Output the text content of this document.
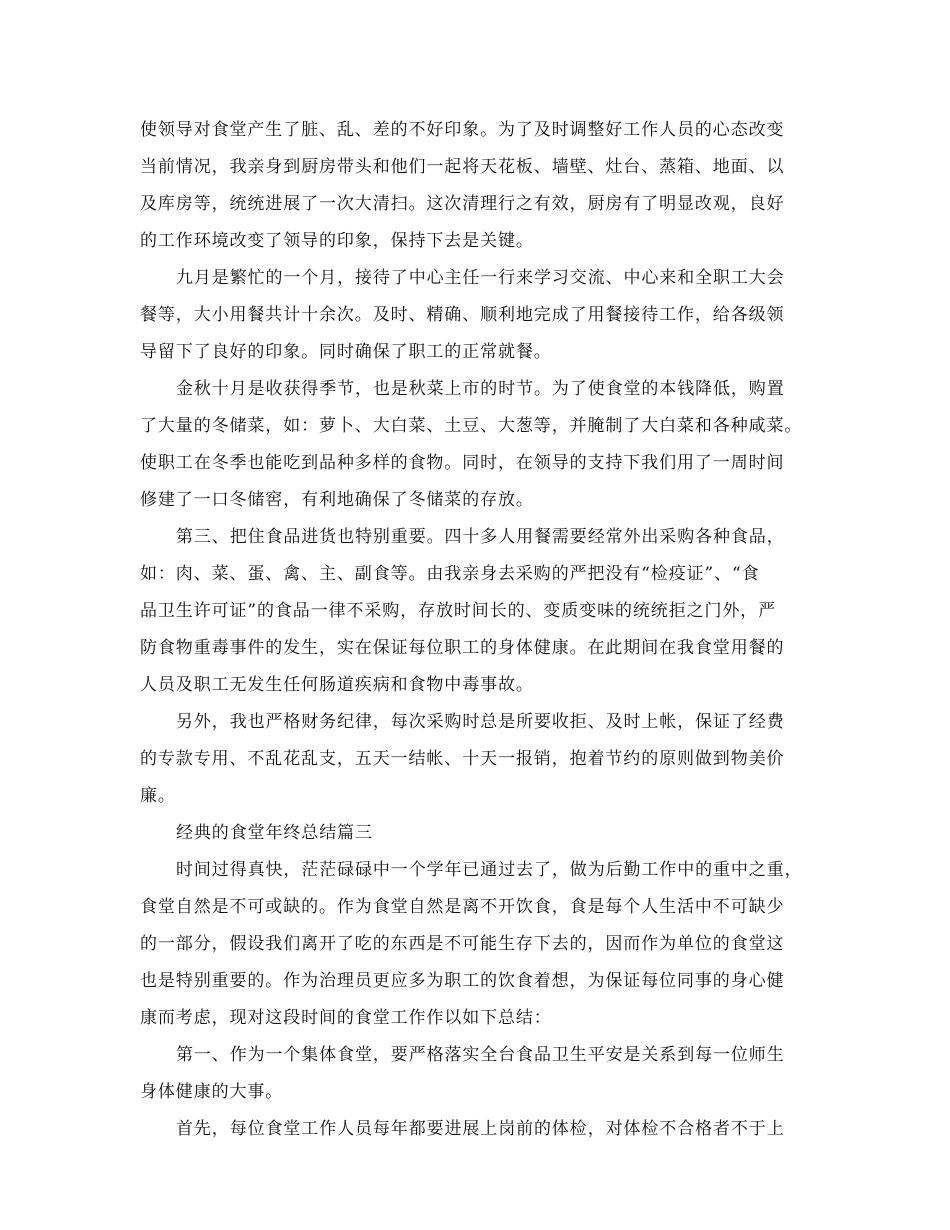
使领导对食堂产生了脏、乱、差的不好印象。为了及时调整好工作人员的心态改变
当前情况，我亲身到厨房带头和他们一起将天花板、墙壁、灶台、蒸箱、地面、以
及库房等，统统进展了一次大清扫。这次清理行之有效，厨房有了明显改观，良好
的工作环境改变了领导的印象，保持下去是关键。
九月是繁忙的一个月，接待了中心主任一行来学习交流、中心来和全职工大会
餐等，大小用餐共计十余次。及时、精确、顺利地完成了用餐接待工作，给各级领
导留下了良好的印象。同时确保了职工的正常就餐。
金秋十月是收获得季节，也是秋菜上市的时节。为了使食堂的本钱降低，购置
了大量的冬储菜，如：萝卜、大白菜、土豆、大葱等，并腌制了大白菜和各种咸菜。
使职工在冬季也能吃到品种多样的食物。同时，在领导的支持下我们用了一周时间
修建了一口冬储窖，有利地确保了冬储菜的存放。
第三、把住食品进货也特别重要。四十多人用餐需要经常外出采购各种食品，
如：肉、菜、蛋、禽、主、副食等。由我亲身去采购的严把没有“检疫证”、“食
品卫生许可证”的食品一律不采购，存放时间长的、变质变味的统统拒之门外，严
防食物重毒事件的发生，实在保证每位职工的身体健康。在此期间在我食堂用餐的
人员及职工无发生任何肠道疾病和食物中毒事故。
另外，我也严格财务纪律，每次采购时总是所要收拒、及时上帐，保证了经费
的专款专用、不乱花乱支，五天一结帐、十天一报销，抱着节约的原则做到物美价
廉。
经典的食堂年终总结篇三
时间过得真快，茫茫碌碌中一个学年已通过去了，做为后勤工作中的重中之重，
食堂自然是不可或缺的。作为食堂自然是离不开饮食，食是每个人生活中不可缺少
的一部分，假设我们离开了吃的东西是不可能生存下去的，因而作为单位的食堂这
也是特别重要的。作为治理员更应多为职工的饮食着想，为保证每位同事的身心健
康而考虑，现对这段时间的食堂工作作以如下总结：
第一、作为一个集体食堂，要严格落实全台食品卫生平安是关系到每一位师生
身体健康的大事。
首先，每位食堂工作人员每年都要进展上岗前的体检，对体检不合格者不于上
